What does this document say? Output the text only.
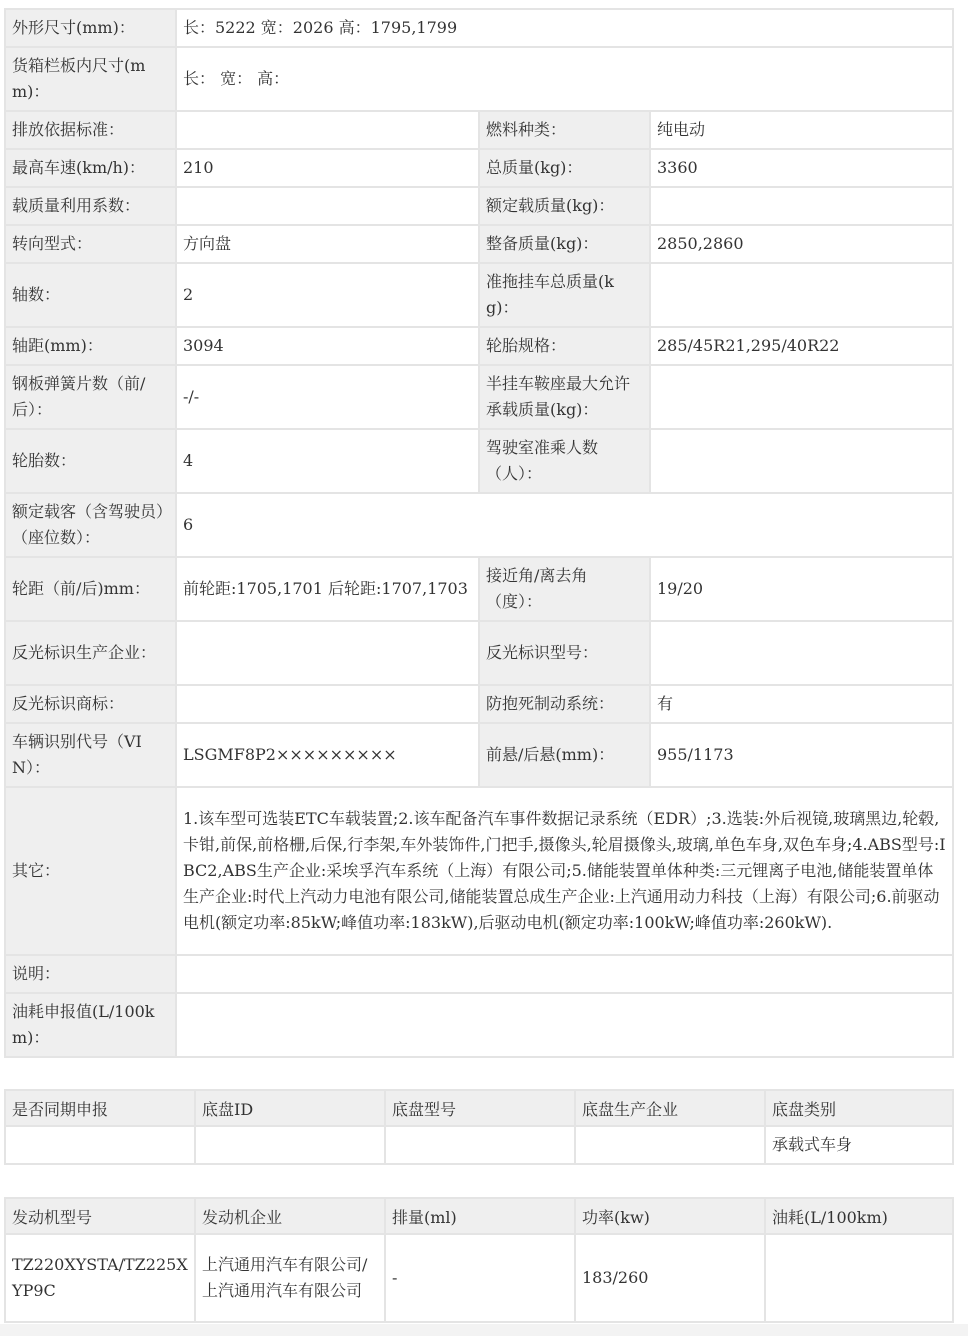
外形尺寸(mm)：	长：5222 宽：2026 高：1795,1799		
货箱栏板内尺寸(mm)：	长： 宽： 高：		
排放依据标准：		燃料种类：	纯电动
最高车速(km/h)：	210	总质量(kg)：	3360
载质量利用系数：		额定载质量(kg)：	
转向型式：	方向盘	整备质量(kg)：	2850,2860
轴数：	2	准拖挂车总质量(kg)：	
轴距(mm)：	3094	轮胎规格：	285/45R21,295/40R22
钢板弹簧片数（前/后）：	-/-	半挂车鞍座最大允许承载质量(kg)：	
轮胎数：	4	驾驶室准乘人数（人）：	
额定载客（含驾驶员）（座位数）：	6		
轮距（前/后)mm：	前轮距:1705,1701 后轮距:1707,1703	接近角/离去角（度）：	19/20
反光标识生产企业：		反光标识型号：	
反光标识商标：		防抱死制动系统：	有
车辆识别代号（VIN）：	LSGMF8P2×××××××××	前悬/后悬(mm)：	955/1173
其它：	1.该车型可选装ETC车载装置;2.该车配备汽车事件数据记录系统（EDR）;3.选装:外后视镜,玻璃黑边,轮毂,卡钳,前保,前格栅,后保,行李架,车外装饰件,门把手,摄像头,轮眉摄像头,玻璃,单色车身,双色车身;4.ABS型号:IBC2,ABS生产企业:采埃孚汽车系统（上海）有限公司;5.储能装置单体种类:三元锂离子电池,储能装置单体生产企业:时代上汽动力电池有限公司,储能装置总成生产企业:上汽通用动力科技（上海）有限公司;6.前驱动电机(额定功率:85kW;峰值功率:183kW),后驱动电机(额定功率:100kW;峰值功率:260kW).		
说明：			
油耗申报值(L/100km)：			
是否同期申报	底盘ID	底盘型号	底盘生产企业	底盘类别
				承载式车身
发动机型号	发动机企业	排量(ml)	功率(kw)	油耗(L/100km)
TZ220XYSTA/TZ225XYP9C	上汽通用汽车有限公司/上汽通用汽车有限公司	-	183/260	
